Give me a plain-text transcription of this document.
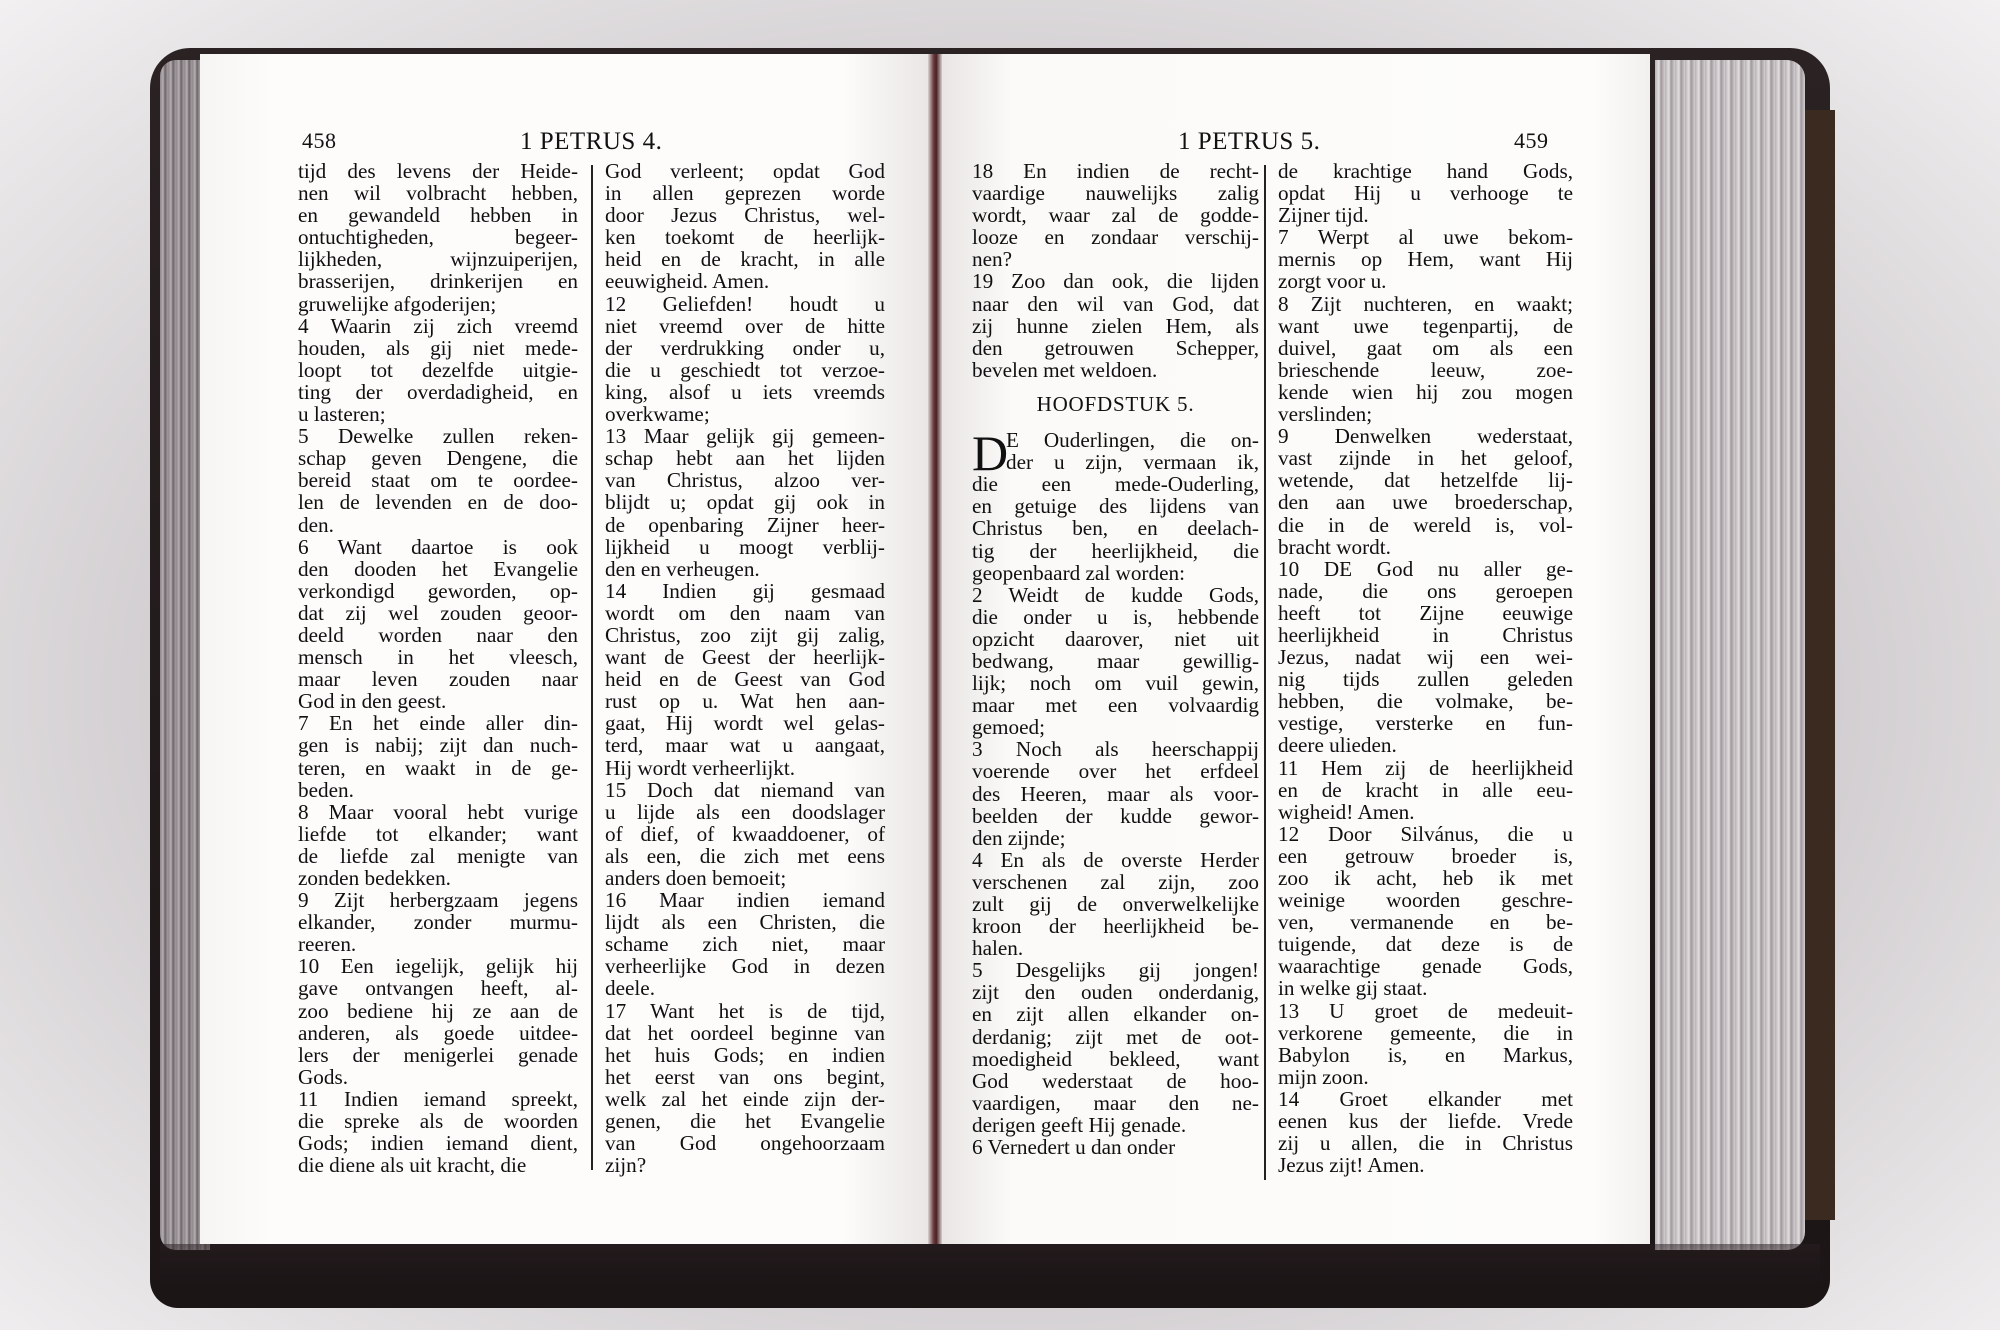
458	1 PETRUS 4.	1 PETRUS 5.	459
tijd des levens der Heide-
nen wil volbracht hebben,
en gewandeld hebben in
ontuchtigheden, begeer-
lijkheden, wijnzuiperijen,
brasserijen, drinkerijen en
gruwelijke afgoderijen;
4 Waarin zij zich vreemd
houden, als gij niet mede-
loopt tot dezelfde uitgie-
ting der overdadigheid, en
u lasteren;
5 Dewelke zullen reken-
schap geven Dengene, die
bereid staat om te oordee-
len de levenden en de doo-
den.
6 Want daartoe is ook
den dooden het Evangelie
verkondigd geworden, op-
dat zij wel zouden geoor-
deeld worden naar den
mensch in het vleesch,
maar leven zouden naar
God in den geest.
7 En het einde aller din-
gen is nabij; zijt dan nuch-
teren, en waakt in de ge-
beden.
8 Maar vooral hebt vurige
liefde tot elkander; want
de liefde zal menigte van
zonden bedekken.
9 Zijt herbergzaam jegens
elkander, zonder murmu-
reeren.
10 Een iegelijk, gelijk hij
gave ontvangen heeft, al-
zoo bediene hij ze aan de
anderen, als goede uitdee-
lers der menigerlei genade
Gods.
11 Indien iemand spreekt,
die spreke als de woorden
Gods; indien iemand dient,
die diene als uit kracht, die
God verleent; opdat God
in allen geprezen worde
door Jezus Christus, wel-
ken toekomt de heerlijk-
heid en de kracht, in alle
eeuwigheid. Amen.
12 Geliefden! houdt u
niet vreemd over de hitte
der verdrukking onder u,
die u geschiedt tot verzoe-
king, alsof u iets vreemds
overkwame;
13 Maar gelijk gij gemeen-
schap hebt aan het lijden
van Christus, alzoo ver-
blijdt u; opdat gij ook in
de openbaring Zijner heer-
lijkheid u moogt verblij-
den en verheugen.
14 Indien gij gesmaad
wordt om den naam van
Christus, zoo zijt gij zalig,
want de Geest der heerlijk-
heid en de Geest van God
rust op u. Wat hen aan-
gaat, Hij wordt wel gelas-
terd, maar wat u aangaat,
Hij wordt verheerlijkt.
15 Doch dat niemand van
u lijde als een doodslager
of dief, of kwaaddoener, of
als een, die zich met eens
anders doen bemoeit;
16 Maar indien iemand
lijdt als een Christen, die
schame zich niet, maar
verheerlijke God in dezen
deele.
17 Want het is de tijd,
dat het oordeel beginne van
het huis Gods; en indien
het eerst van ons begint,
welk zal het einde zijn der-
genen, die het Evangelie
van God ongehoorzaam
zijn?
18 En indien de recht-
vaardige nauwelijks zalig
wordt, waar zal de godde-
looze en zondaar verschij-
nen?
19 Zoo dan ook, die lijden
naar den wil van God, dat
zij hunne zielen Hem, als
den getrouwen Schepper,
bevelen met weldoen.
HOOFDSTUK 5.
D
E Ouderlingen, die on-
der u zijn, vermaan ik,
die een mede-Ouderling,
en getuige des lijdens van
Christus ben, en deelach-
tig der heerlijkheid, die
geopenbaard zal worden:
2 Weidt de kudde Gods,
die onder u is, hebbende
opzicht daarover, niet uit
bedwang, maar gewillig-
lijk; noch om vuil gewin,
maar met een volvaardig
gemoed;
3 Noch als heerschappij
voerende over het erfdeel
des Heeren, maar als voor-
beelden der kudde gewor-
den zijnde;
4 En als de overste Herder
verschenen zal zijn, zoo
zult gij de onverwelkelijke
kroon der heerlijkheid be-
halen.
5 Desgelijks gij jongen!
zijt den ouden onderdanig,
en zijt allen elkander on-
derdanig; zijt met de oot-
moedigheid bekleed, want
God wederstaat de hoo-
vaardigen, maar den ne-
derigen geeft Hij genade.
6 Vernedert u dan onder
de krachtige hand Gods,
opdat Hij u verhooge te
Zijner tijd.
7 Werpt al uwe bekom-
mernis op Hem, want Hij
zorgt voor u.
8 Zijt nuchteren, en waakt;
want uwe tegenpartij, de
duivel, gaat om als een
brieschende leeuw, zoe-
kende wien hij zou mogen
verslinden;
9 Denwelken wederstaat,
vast zijnde in het geloof,
wetende, dat hetzelfde lij-
den aan uwe broederschap,
die in de wereld is, vol-
bracht wordt.
10 DE God nu aller ge-
nade, die ons geroepen
heeft tot Zijne eeuwige
heerlijkheid in Christus
Jezus, nadat wij een wei-
nig tijds zullen geleden
hebben, die volmake, be-
vestige, versterke en fun-
deere ulieden.
11 Hem zij de heerlijkheid
en de kracht in alle eeu-
wigheid! Amen.
12 Door Silvánus, die u
een getrouw broeder is,
zoo ik acht, heb ik met
weinige woorden geschre-
ven, vermanende en be-
tuigende, dat deze is de
waarachtige genade Gods,
in welke gij staat.
13 U groet de medeuit-
verkorene gemeente, die in
Babylon is, en Markus,
mijn zoon.
14 Groet elkander met
eenen kus der liefde. Vrede
zij u allen, die in Christus
Jezus zijt! Amen.
